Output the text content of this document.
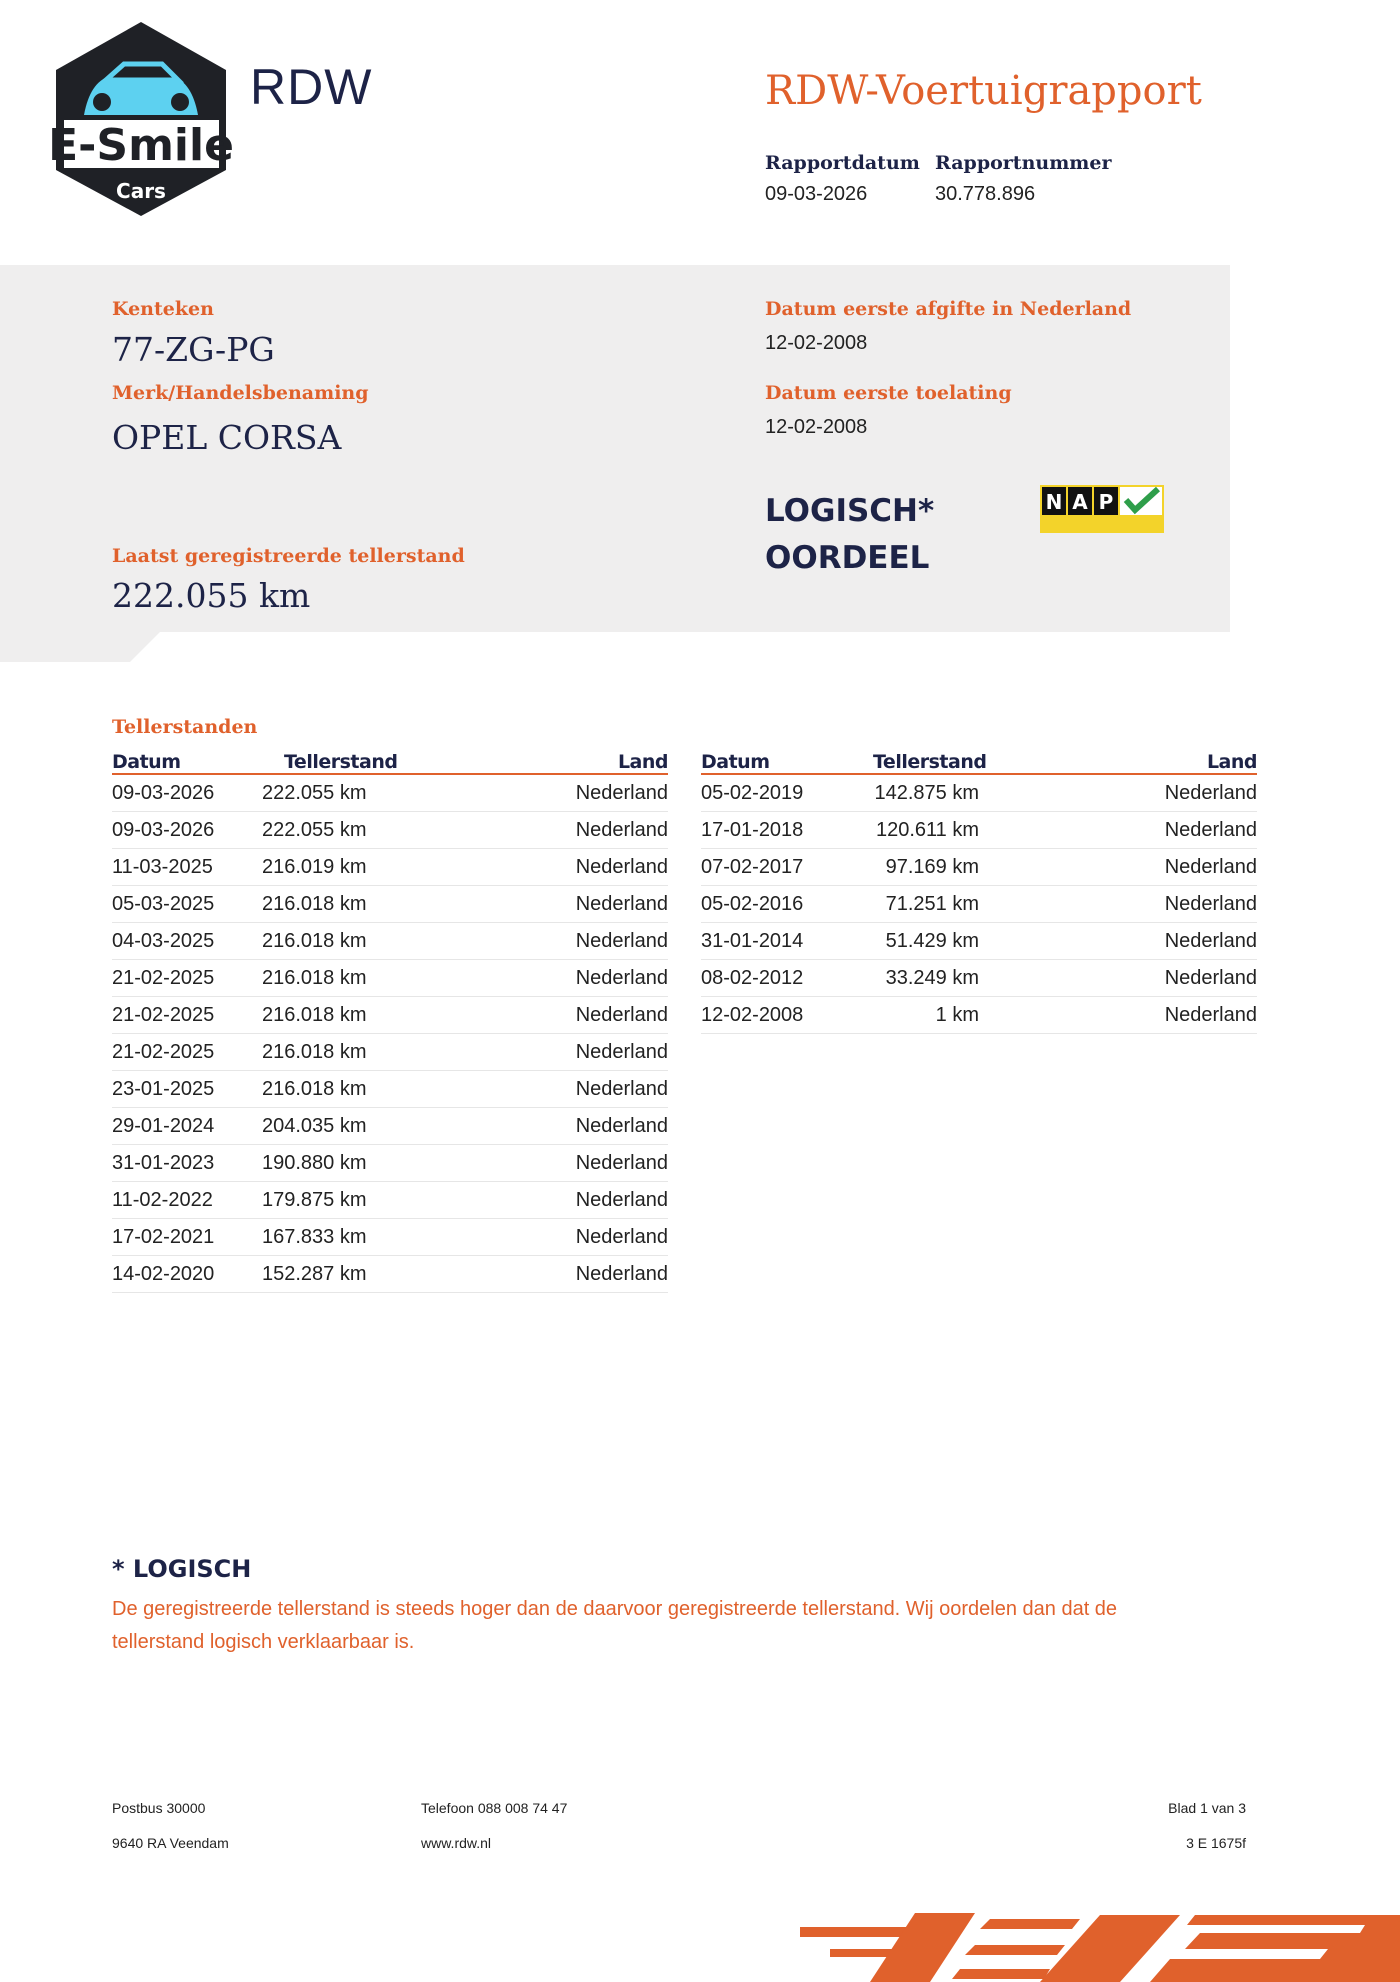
E-Smile
Cars
RDW	RDW-Voertuigrapport
Rapportdatum
09-03-2026
Rapportnummer
30.778.896
Kenteken
77-ZG-PG
Merk/Handelsbenaming
OPEL CORSA
Laatst geregistreerde tellerstand
222.055 km
Datum eerste afgifte in Nederland
12-02-2008
Datum eerste toelating
12-02-2008
LOGISCH*
OORDEEL
N A P
Tellerstanden
Datum	Tellerstand	Land
09-03-2026	222.055 km	Nederland
09-03-2026	222.055 km	Nederland
11-03-2025	216.019 km	Nederland
05-03-2025	216.018 km	Nederland
04-03-2025	216.018 km	Nederland
21-02-2025	216.018 km	Nederland
21-02-2025	216.018 km	Nederland
21-02-2025	216.018 km	Nederland
23-01-2025	216.018 km	Nederland
29-01-2024	204.035 km	Nederland
31-01-2023	190.880 km	Nederland
11-02-2022	179.875 km	Nederland
17-02-2021	167.833 km	Nederland
14-02-2020	152.287 km	Nederland
Datum	Tellerstand	Land
05-02-2019	142.875 km	Nederland
17-01-2018	120.611 km	Nederland
07-02-2017	97.169 km	Nederland
05-02-2016	71.251 km	Nederland
31-01-2014	51.429 km	Nederland
08-02-2012	33.249 km	Nederland
12-02-2008	1 km	Nederland
* LOGISCH
De geregistreerde tellerstand is steeds hoger dan de daarvoor geregistreerde tellerstand. Wij oordelen dan dat de tellerstand logisch verklaarbaar is.
Postbus 30000
9640 RA Veendam
Telefoon 088 008 74 47
www.rdw.nl
Blad 1 van 3
3 E 1675f
